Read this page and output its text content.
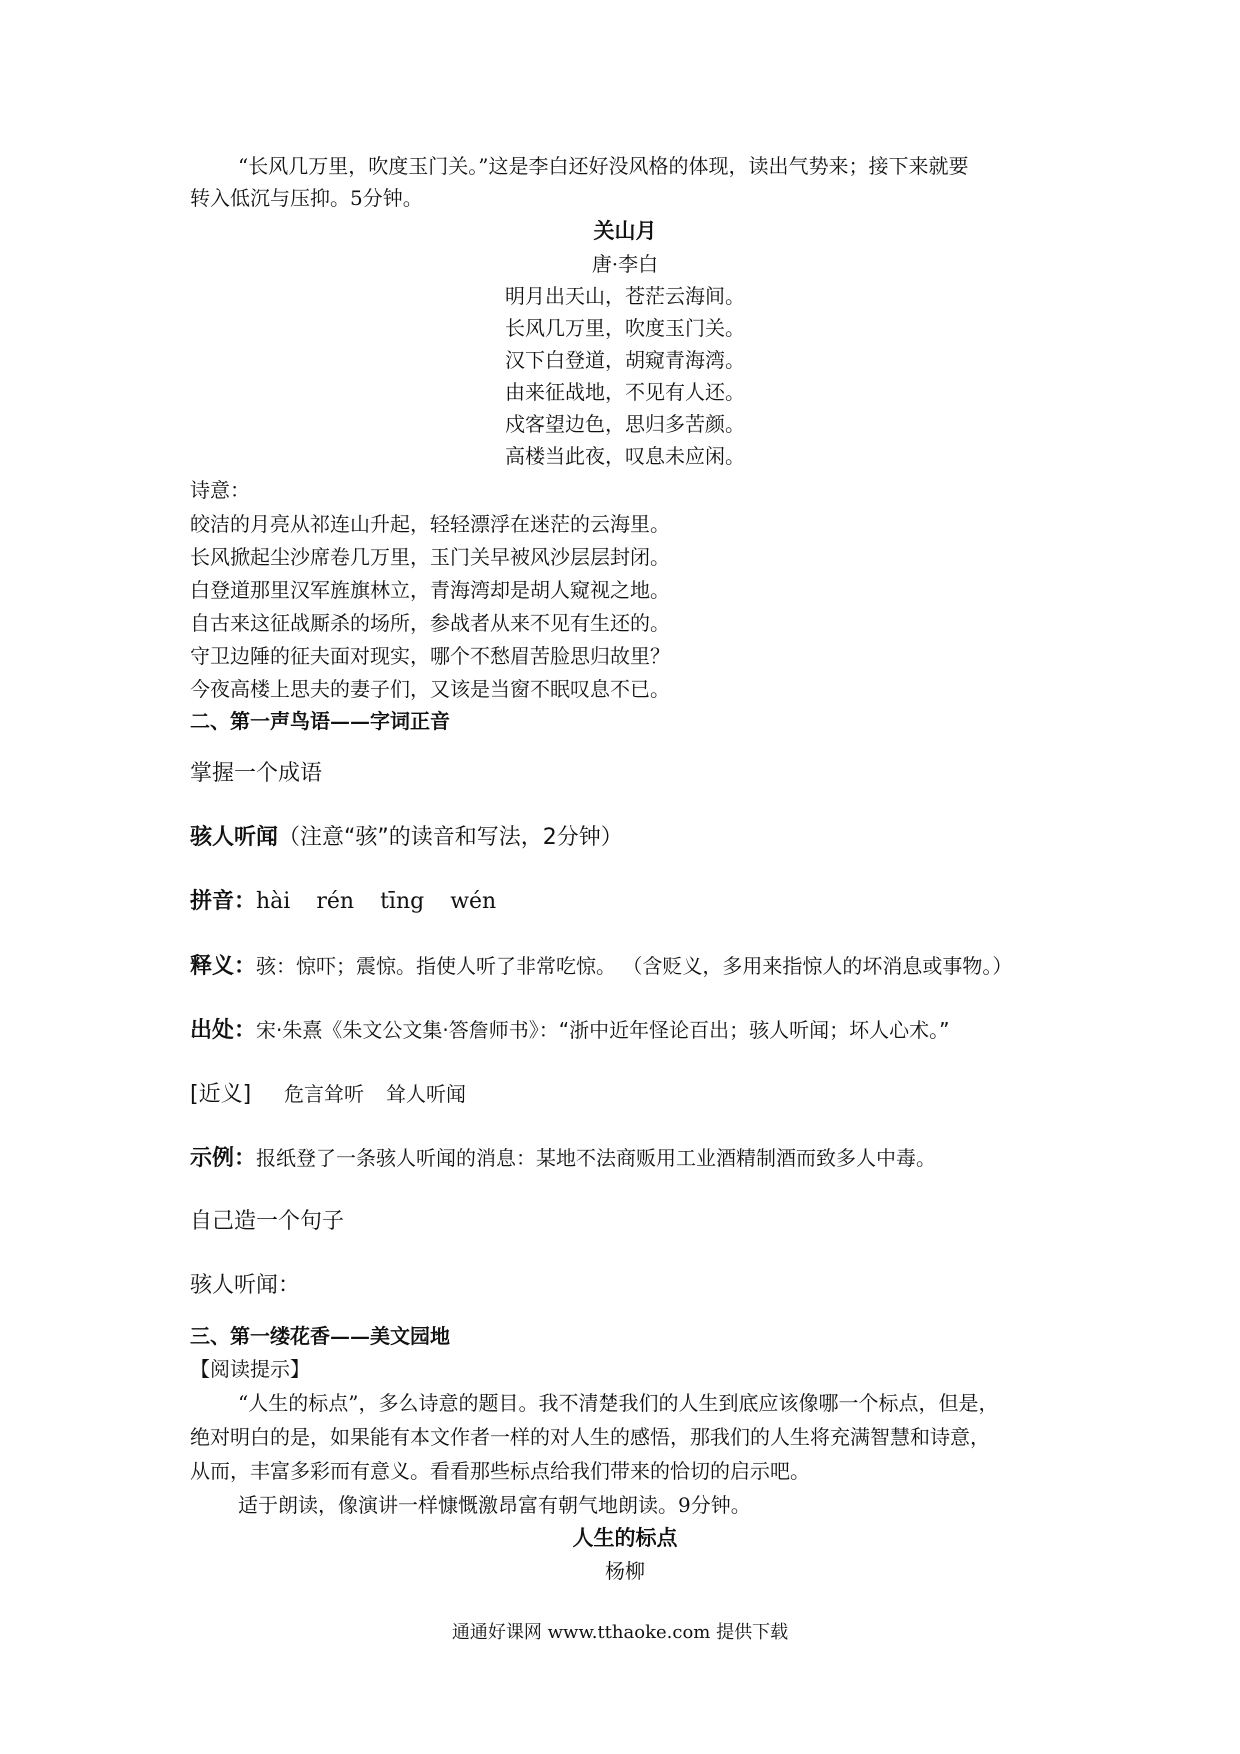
“长风几万里，吹度玉门关。”这是李白还好没风格的体现，读出气势来；接下来就要
转入低沉与压抑。5分钟。
关山月
唐·李白
明月出天山，苍茫云海间。
长风几万里，吹度玉门关。
汉下白登道，胡窥青海湾。
由来征战地，不见有人还。
戍客望边色，思归多苦颜。
高楼当此夜，叹息未应闲。
诗意：
皎洁的月亮从祁连山升起，轻轻漂浮在迷茫的云海里。
长风掀起尘沙席卷几万里，玉门关早被风沙层层封闭。
白登道那里汉军旌旗林立，青海湾却是胡人窥视之地。
自古来这征战厮杀的场所，参战者从来不见有生还的。
守卫边陲的征夫面对现实，哪个不愁眉苦脸思归故里？
今夜高楼上思夫的妻子们，又该是当窗不眠叹息不已。
二、第一声鸟语——字词正音
掌握一个成语
骇人听闻（注意“骇”的读音和写法，2分钟）
拼音：hài rén tīng wén
释义：骇：惊吓；震惊。指使人听了非常吃惊。 （含贬义，多用来指惊人的坏消息或事物。）
出处：宋·朱熹《朱文公文集·答詹师书》：“浙中近年怪论百出；骇人听闻；坏人心术。”
[近义] 危言耸听 耸人听闻
示例：报纸登了一条骇人听闻的消息：某地不法商贩用工业酒精制酒而致多人中毒。
自己造一个句子
骇人听闻：
三、第一缕花香——美文园地
【阅读提示】
“人生的标点”，多么诗意的题目。我不清楚我们的人生到底应该像哪一个标点，但是，
绝对明白的是，如果能有本文作者一样的对人生的感悟，那我们的人生将充满智慧和诗意，
从而，丰富多彩而有意义。看看那些标点给我们带来的恰切的启示吧。
适于朗读，像演讲一样慷慨激昂富有朝气地朗读。9分钟。
人生的标点
杨柳
通通好课网 www.tthaoke.com 提供下载
